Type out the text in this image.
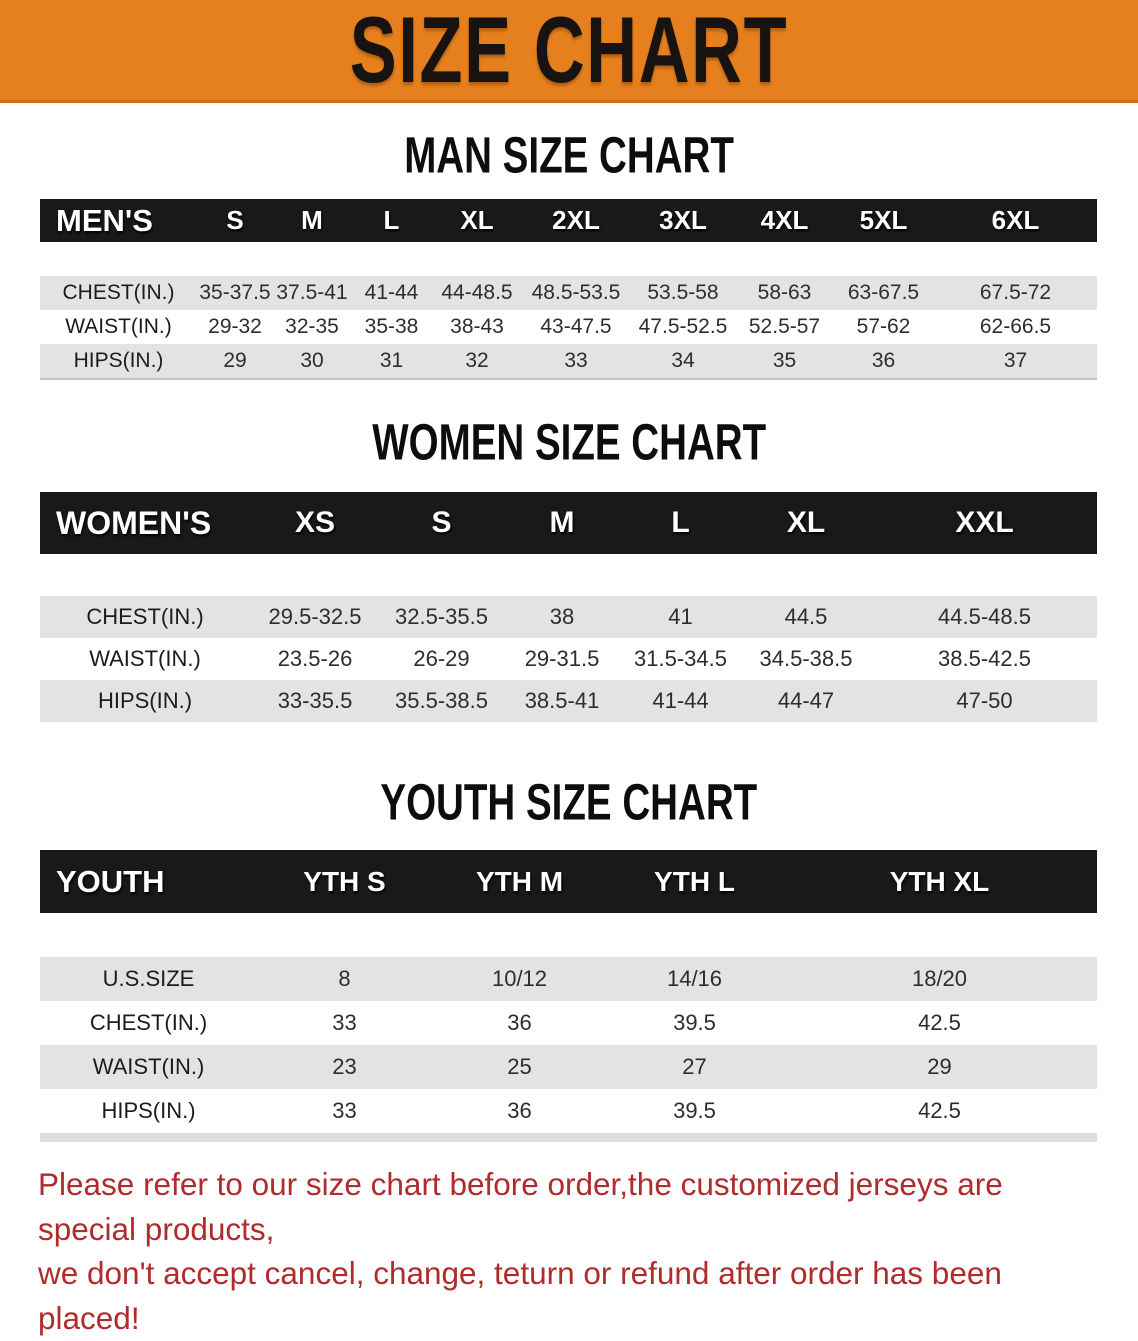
SIZE CHART
MAN SIZE CHART
MEN'S	S	M	L	XL	2XL	3XL	4XL	5XL	6XL

CHEST(IN.)	35-37.5	37.5-41	41-44	44-48.5	48.5-53.5	53.5-58	58-63	63-67.5	67.5-72
WAIST(IN.)	29-32	32-35	35-38	38-43	43-47.5	47.5-52.5	52.5-57	57-62	62-66.5
HIPS(IN.)	29	30	31	32	33	34	35	36	37
WOMEN SIZE CHART
WOMEN'S	XS	S	M	L	XL	XXL

CHEST(IN.)	29.5-32.5	32.5-35.5	38	41	44.5	44.5-48.5
WAIST(IN.)	23.5-26	26-29	29-31.5	31.5-34.5	34.5-38.5	38.5-42.5
HIPS(IN.)	33-35.5	35.5-38.5	38.5-41	41-44	44-47	47-50
YOUTH SIZE CHART
YOUTH	YTH S	YTH M	YTH L	YTH XL

U.S.SIZE	8	10/12	14/16	18/20
CHEST(IN.)	33	36	39.5	42.5
WAIST(IN.)	23	25	27	29
HIPS(IN.)	33	36	39.5	42.5
Please refer to our size chart before order,the customized jerseys are special products,
we don't accept cancel, change, teturn or refund after order has been placed!
